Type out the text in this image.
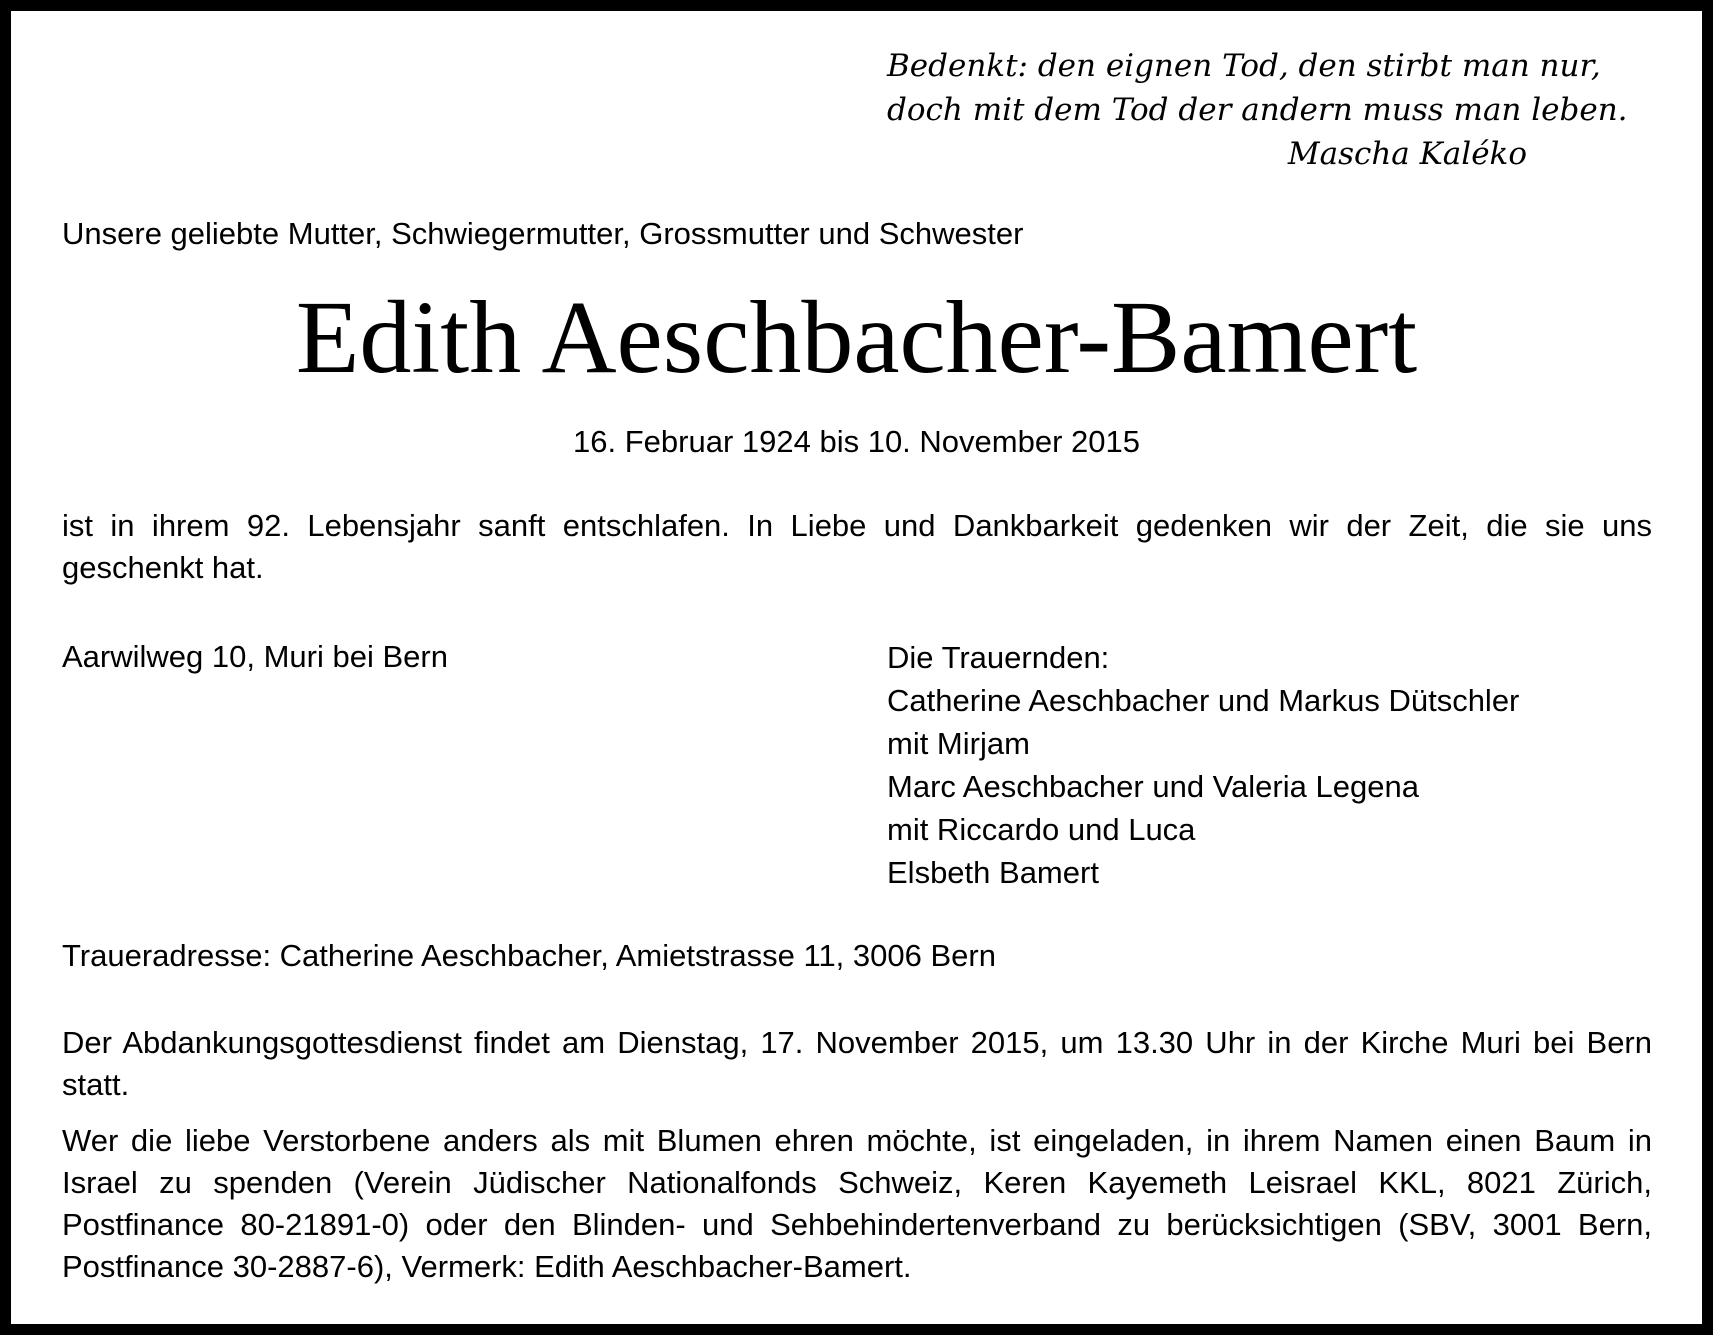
Bedenkt: den eignen Tod, den stirbt man nur,
doch mit dem Tod der andern muss man leben.
Mascha Kaléko
Unsere geliebte Mutter, Schwiegermutter, Grossmutter und Schwester
Edith Aeschbacher-Bamert
16. Februar 1924 bis 10. November 2015
ist in ihrem 92. Lebensjahr sanft entschlafen. In Liebe und Dankbarkeit gedenken wir der Zeit, die sie uns geschenkt hat.
Aarwilweg 10, Muri bei Bern	Die Trauernden:
Catherine Aeschbacher und Markus Dütschler
mit Mirjam
Marc Aeschbacher und Valeria Legena
mit Riccardo und Luca
Elsbeth Bamert
Traueradresse: Catherine Aeschbacher, Amietstrasse 11, 3006 Bern
Der Abdankungsgottesdienst findet am Dienstag, 17. November 2015, um 13.30 Uhr in der Kirche Muri bei Bern statt.
Wer die liebe Verstorbene anders als mit Blumen ehren möchte, ist eingeladen, in ihrem Namen einen Baum in Israel zu spenden (Verein Jüdischer Nationalfonds Schweiz, Keren Kayemeth Leisrael KKL, 8021 Zürich, Postfinance 80-21891-0) oder den Blinden- und Sehbehindertenverband zu berücksichtigen (SBV, 3001 Bern, Postfinance 30-2887-6), Vermerk: Edith Aeschbacher-Bamert.
